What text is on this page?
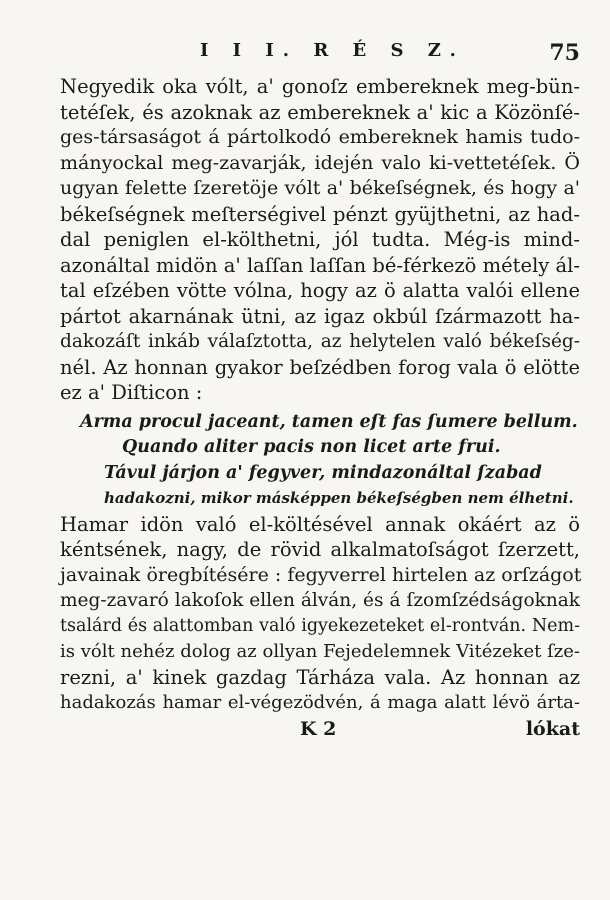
I I I. R É S Z.	75

Negyedik oka vólt, a' gonoſz embereknek meg-bün-

tetéſek, és azoknak az embereknek a' kic a Közönſé-

ges-társaságot á pártolkodó embereknek hamis tudo-

mányockal meg-zavarják, idején valo ki-vettetéſek. Ö

ugyan felette ſzeretöje vólt a' békeſségnek, és hogy a'

békeſségnek meſterségivel pénzt gyüjthetni, az had-

dal peniglen el-költhetni, jól tudta. Még-is mind-

azonáltal midön a' laſſan laſſan bé-férkezö métely ál-

tal eſzében vötte vólna, hogy az ö alatta valói ellene

pártot akarnának ütni, az igaz okbúl ſzármazott ha-

dakozáſt inkáb válaſztotta, az helytelen való békeſség-

nél. Az honnan gyakor beſzédben forog vala ö elötte

ez a' Diſticon :

Arma procul jaceant, tamen eſt fas ſumere bellum.

Quando aliter pacis non licet arte frui.

Távul járjon a' fegyver, mindazonáltal ſzabad

hadakozni, mikor másképpen békeſségben nem élhetni.

Hamar idön való el-költésével annak okáért az ö

kéntsének, nagy, de rövid alkalmatoſságot ſzerzett,

javainak öregbítésére : fegyverrel hirtelen az orſzágot

meg-zavaró lakoſok ellen álván, és á ſzomſzédságoknak

tsalárd és alattomban való igyekezeteket el-rontván. Nem-

is vólt nehéz dolog az ollyan Fejedelemnek Vitézeket ſze-

rezni, a' kinek gazdag Tárháza vala. Az honnan az

hadakozás hamar el-végezödvén, á maga alatt lévö árta-

K 2	lókat
